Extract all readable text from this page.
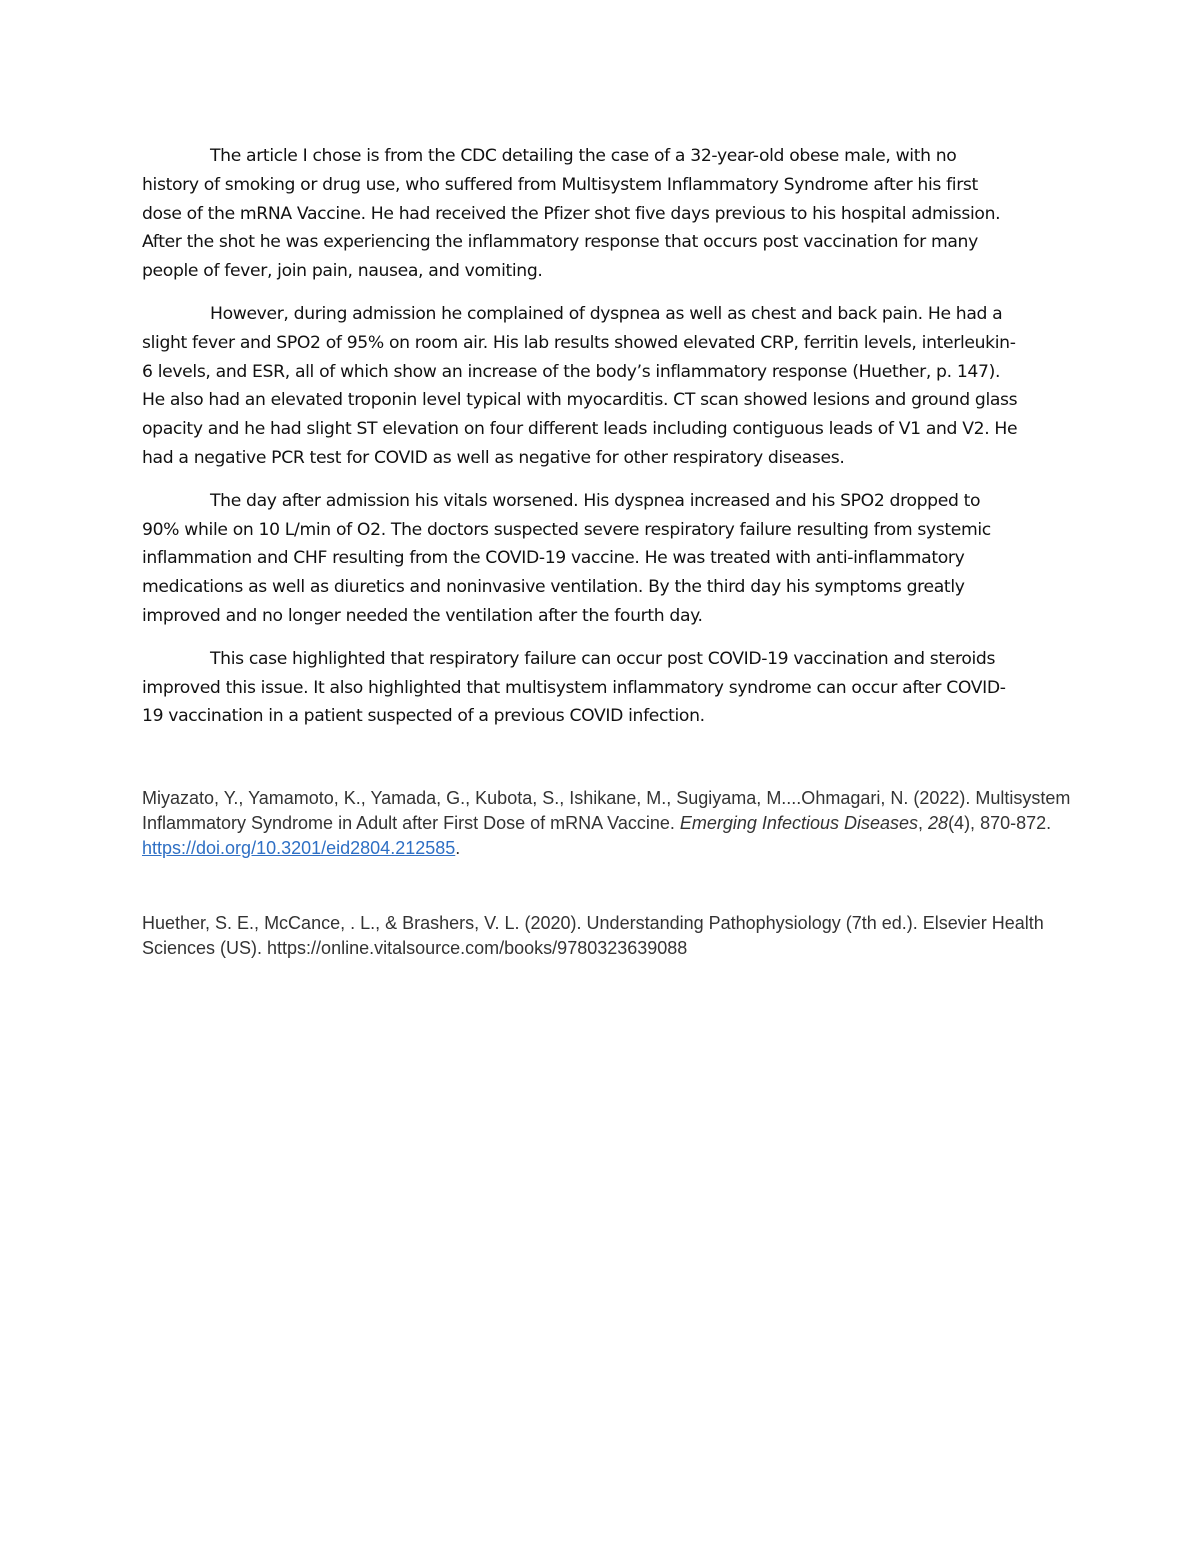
The article I chose is from the CDC detailing the case of a 32-year-old obese male, with no
history of smoking or drug use, who suffered from Multisystem Inflammatory Syndrome after his first
dose of the mRNA Vaccine. He had received the Pfizer shot five days previous to his hospital admission.
After the shot he was experiencing the inflammatory response that occurs post vaccination for many
people of fever, join pain, nausea, and vomiting.

However, during admission he complained of dyspnea as well as chest and back pain. He had a
slight fever and SPO2 of 95% on room air. His lab results showed elevated CRP, ferritin levels, interleukin-
6 levels, and ESR, all of which show an increase of the body’s inflammatory response (Huether, p. 147).
He also had an elevated troponin level typical with myocarditis. CT scan showed lesions and ground glass
opacity and he had slight ST elevation on four different leads including contiguous leads of V1 and V2. He
had a negative PCR test for COVID as well as negative for other respiratory diseases.

The day after admission his vitals worsened. His dyspnea increased and his SPO2 dropped to
90% while on 10 L/min of O2. The doctors suspected severe respiratory failure resulting from systemic
inflammation and CHF resulting from the COVID-19 vaccine. He was treated with anti-inflammatory
medications as well as diuretics and noninvasive ventilation. By the third day his symptoms greatly
improved and no longer needed the ventilation after the fourth day.

This case highlighted that respiratory failure can occur post COVID-19 vaccination and steroids
improved this issue. It also highlighted that multisystem inflammatory syndrome can occur after COVID-
19 vaccination in a patient suspected of a previous COVID infection.

Miyazato, Y., Yamamoto, K., Yamada, G., Kubota, S., Ishikane, M., Sugiyama, M....Ohmagari, N. (2022). Multisystem Inflammatory Syndrome in Adult after First Dose of mRNA Vaccine. Emerging Infectious Diseases, 28(4), 870-872. https://doi.org/10.3201/eid2804.212585.

Huether, S. E., McCance, . L., & Brashers, V. L. (2020). Understanding Pathophysiology (7th ed.). Elsevier Health Sciences (US). https://online.vitalsource.com/books/9780323639088
